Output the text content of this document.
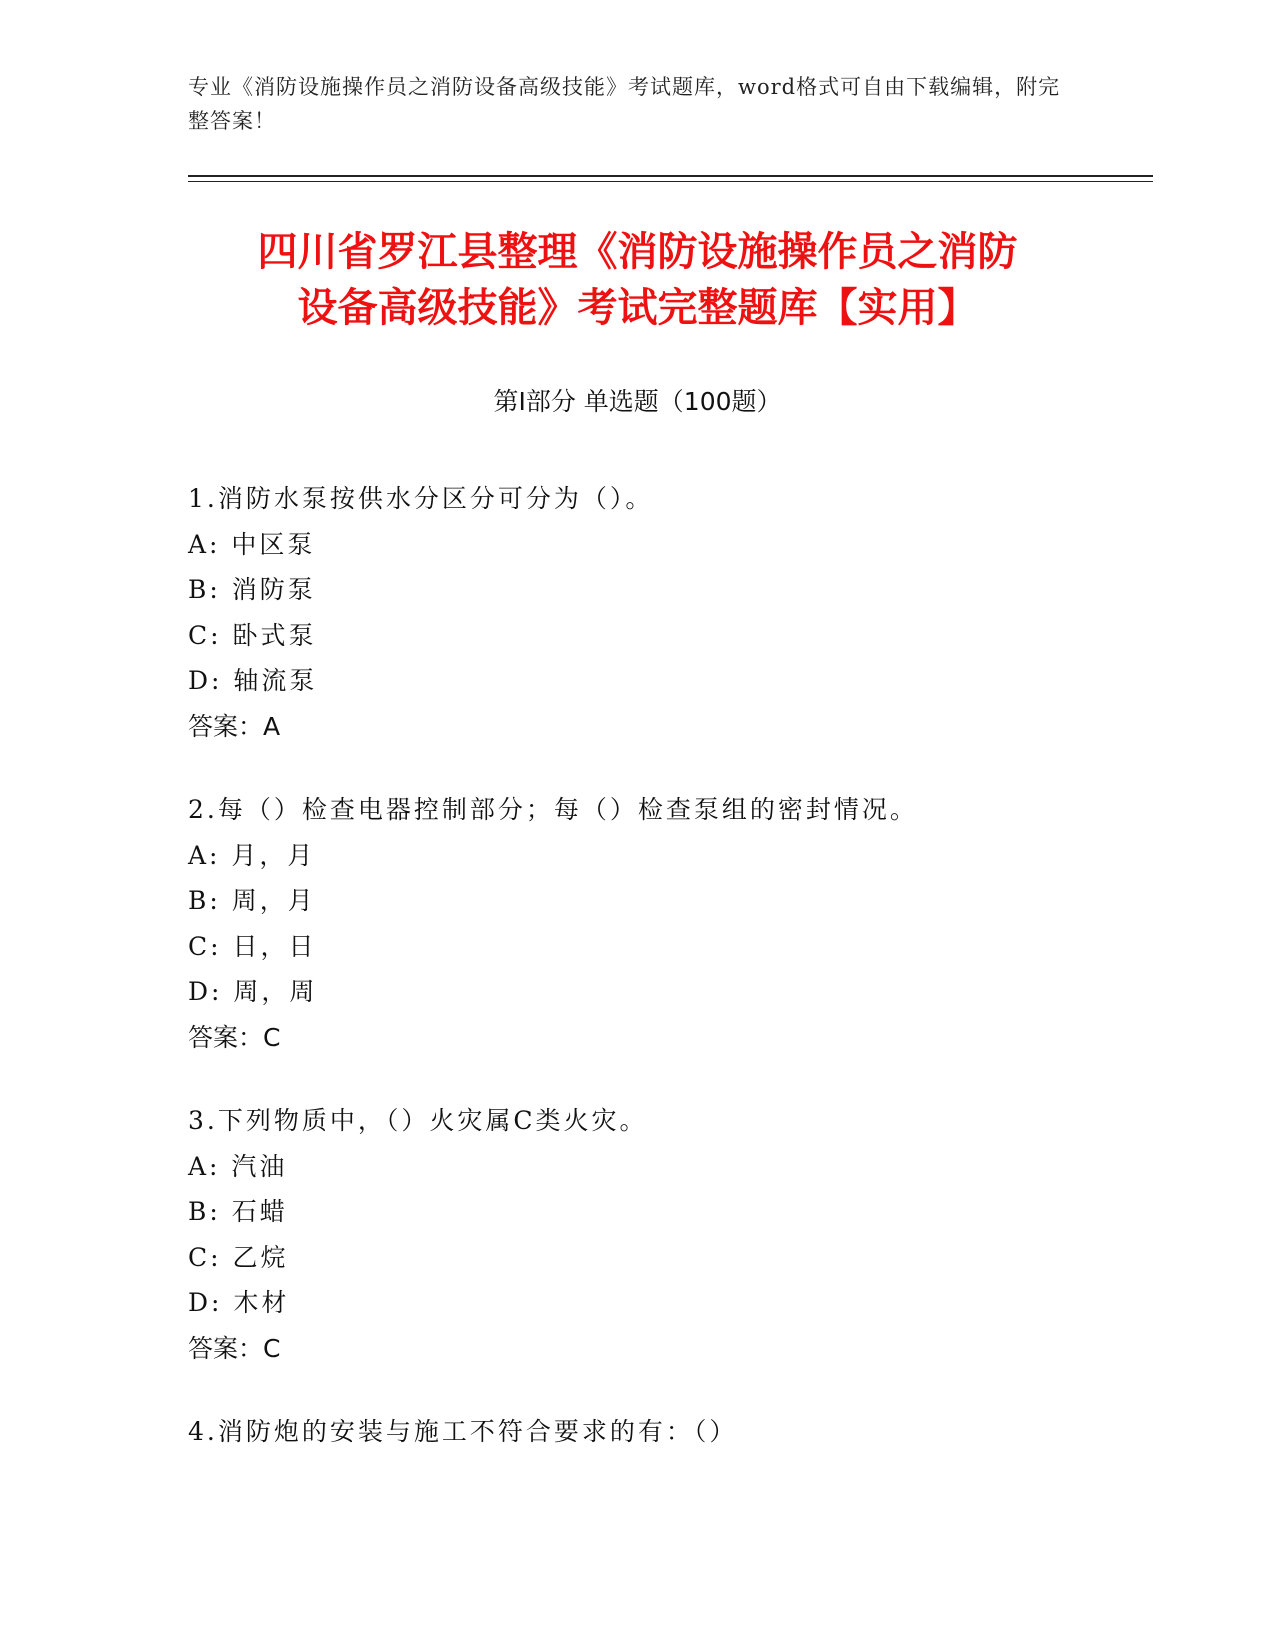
专业《消防设施操作员之消防设备高级技能》考试题库，word格式可自由下载编辑，附完整答案！
四川省罗江县整理《消防设施操作员之消防
设备高级技能》考试完整题库【实用】
第Ⅰ部分 单选题（100题）
1.消防水泵按供水分区分可分为（）。
A: 中区泵
B: 消防泵
C: 卧式泵
D: 轴流泵
答案：A
2.每（）检查电器控制部分；每（）检查泵组的密封情况。
A: 月，月
B: 周，月
C: 日，日
D: 周，周
答案：C
3.下列物质中，（）火灾属C类火灾。
A: 汽油
B: 石蜡
C: 乙烷
D: 木材
答案：C
4.消防炮的安装与施工不符合要求的有：（）
